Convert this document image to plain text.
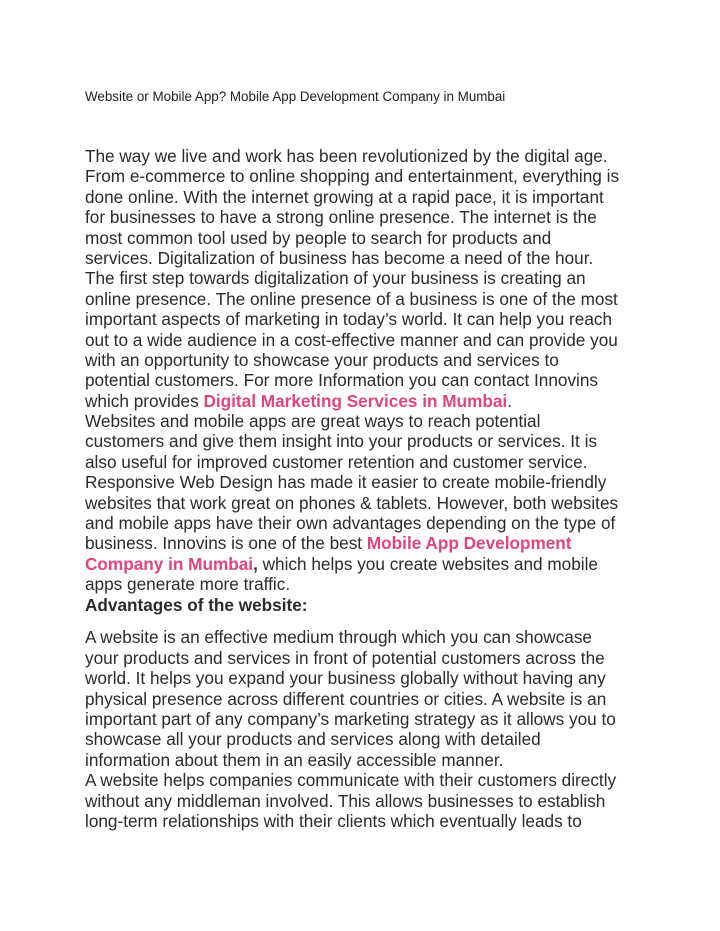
Website or Mobile App? Mobile App Development Company in Mumbai
The way we live and work has been revolutionized by the digital age.
From e-commerce to online shopping and entertainment, everything is
done online. With the internet growing at a rapid pace, it is important
for businesses to have a strong online presence. The internet is the
most common tool used by people to search for products and
services. Digitalization of business has become a need of the hour.
The first step towards digitalization of your business is creating an
online presence. The online presence of a business is one of the most
important aspects of marketing in today’s world. It can help you reach
out to a wide audience in a cost-effective manner and can provide you
with an opportunity to showcase your products and services to
potential customers. For more Information you can contact Innovins
which provides Digital Marketing Services in Mumbai.
Websites and mobile apps are great ways to reach potential
customers and give them insight into your products or services. It is
also useful for improved customer retention and customer service.
Responsive Web Design has made it easier to create mobile-friendly
websites that work great on phones & tablets. However, both websites
and mobile apps have their own advantages depending on the type of
business. Innovins is one of the best Mobile App Development
Company in Mumbai, which helps you create websites and mobile
apps generate more traffic.
Advantages of the website:
A website is an effective medium through which you can showcase
your products and services in front of potential customers across the
world. It helps you expand your business globally without having any
physical presence across different countries or cities. A website is an
important part of any company’s marketing strategy as it allows you to
showcase all your products and services along with detailed
information about them in an easily accessible manner.
A website helps companies communicate with their customers directly
without any middleman involved. This allows businesses to establish
long-term relationships with their clients which eventually leads to
